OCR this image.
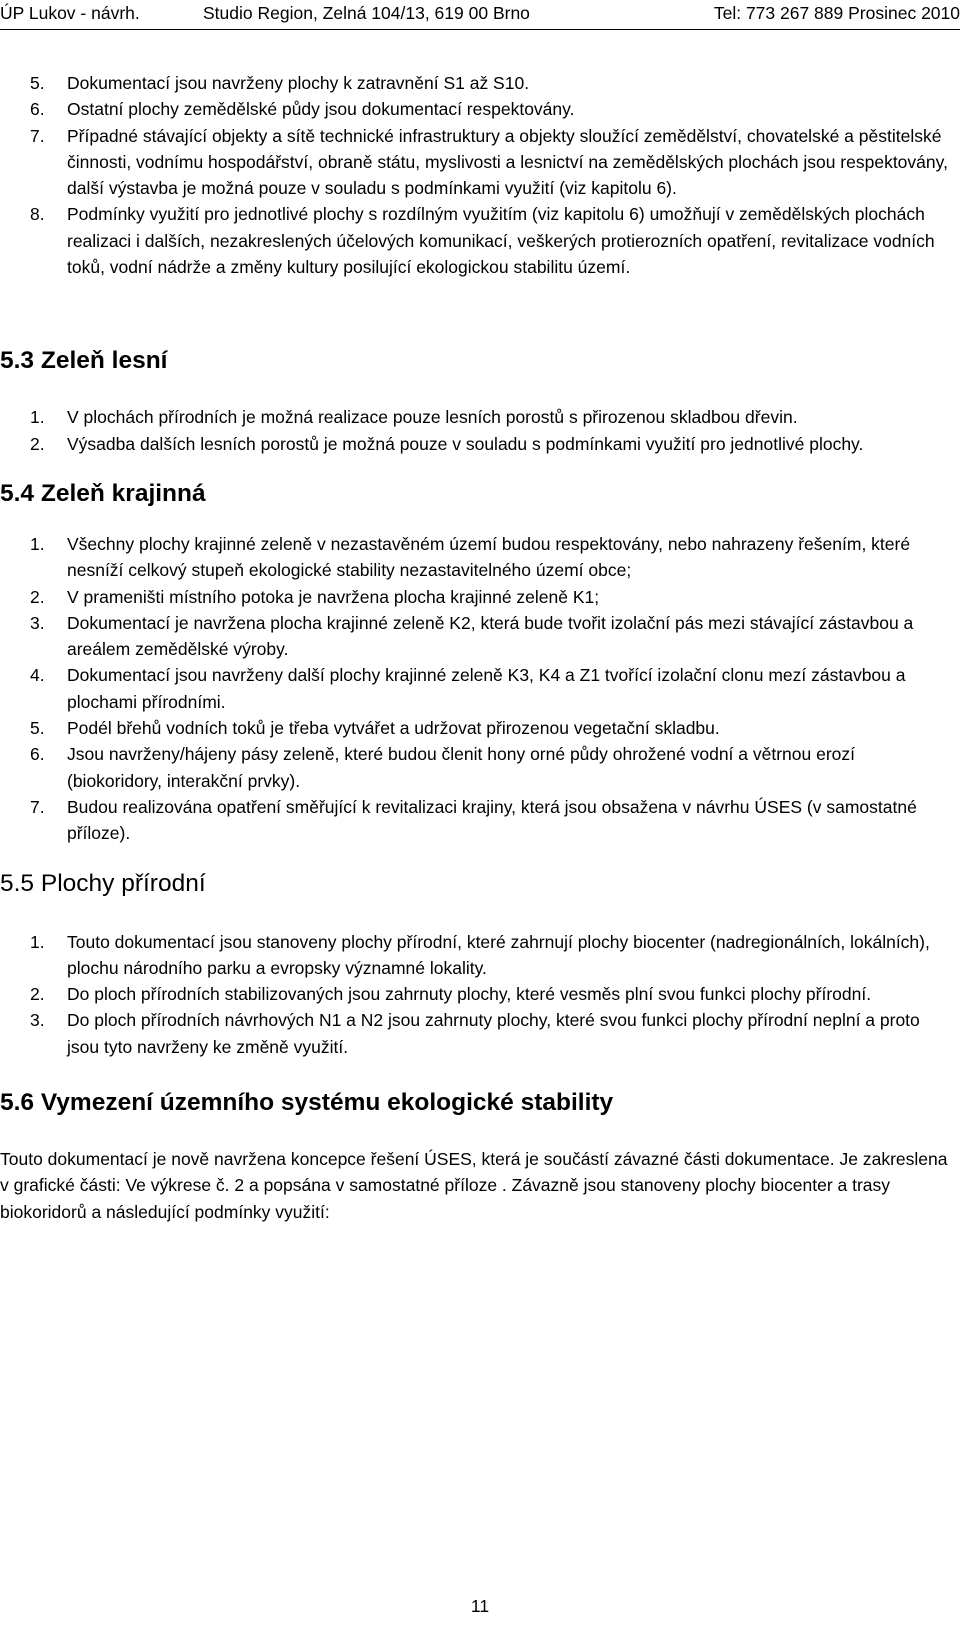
ÚP Lukov - návrh.	Studio Region, Zelná 104/13, 619 00 Brno	Tel: 773 267 889 Prosinec 2010
5. Dokumentací jsou navrženy plochy k zatravnění S1 až S10.
6. Ostatní plochy zemědělské půdy jsou dokumentací respektovány.
7. Případné stávající objekty a sítě technické infrastruktury a objekty sloužící zemědělství, chovatelské a pěstitelské činnosti, vodnímu hospodářství, obraně státu, myslivosti a lesnictví na zemědělských plochách jsou respektovány, další výstavba je možná pouze v souladu s podmínkami využití (viz kapitolu 6).
8. Podmínky využití pro jednotlivé plochy s rozdílným využitím (viz kapitolu 6) umožňují v zemědělských plochách realizaci i dalších, nezakreslených účelových komunikací, veškerých protierozních opatření, revitalizace vodních toků, vodní nádrže a změny kultury posilující ekologickou stabilitu území.
5.3 Zeleň lesní
1. V plochách přírodních je možná realizace pouze lesních porostů s přirozenou skladbou dřevin.
2. Výsadba dalších lesních porostů je možná pouze v souladu s podmínkami využití pro jednotlivé plochy.
5.4 Zeleň krajinná
1. Všechny plochy krajinné zeleně v nezastavěném území budou respektovány, nebo nahrazeny řešením, které nesníží celkový stupeň ekologické stability nezastavitelného území obce;
2. V prameništi místního potoka je navržena plocha krajinné zeleně K1;
3. Dokumentací je navržena plocha krajinné zeleně K2, která bude tvořit izolační pás mezi stávající zástavbou a areálem zemědělské výroby.
4. Dokumentací jsou navrženy další plochy krajinné zeleně K3, K4 a Z1 tvořící izolační clonu mezí zástavbou a plochami přírodními.
5. Podél břehů vodních toků je třeba vytvářet a udržovat přirozenou vegetační skladbu.
6. Jsou navrženy/hájeny pásy zeleně, které budou členit hony orné půdy ohrožené vodní a větrnou erozí (biokoridory, interakční prvky).
7. Budou realizována opatření směřující k revitalizaci krajiny, která jsou obsažena v návrhu ÚSES (v samostatné příloze).
5.5 Plochy přírodní
1. Touto dokumentací jsou stanoveny plochy přírodní, které zahrnují plochy biocenter (nadregionálních, lokálních), plochu národního parku a evropsky významné lokality.
2. Do ploch přírodních stabilizovaných jsou zahrnuty plochy, které vesměs plní svou funkci plochy přírodní.
3. Do ploch přírodních návrhových N1 a N2 jsou zahrnuty plochy, které svou funkci plochy přírodní neplní a proto jsou tyto navrženy ke změně využití.
5.6 Vymezení územního systému ekologické stability

Touto dokumentací je nově navržena koncepce řešení ÚSES, která je součástí závazné části dokumentace. Je zakreslena v grafické části: Ve výkrese č. 2 a popsána v samostatné příloze . Závazně jsou stanoveny plochy biocenter a trasy biokoridorů a následující podmínky využití:

11
